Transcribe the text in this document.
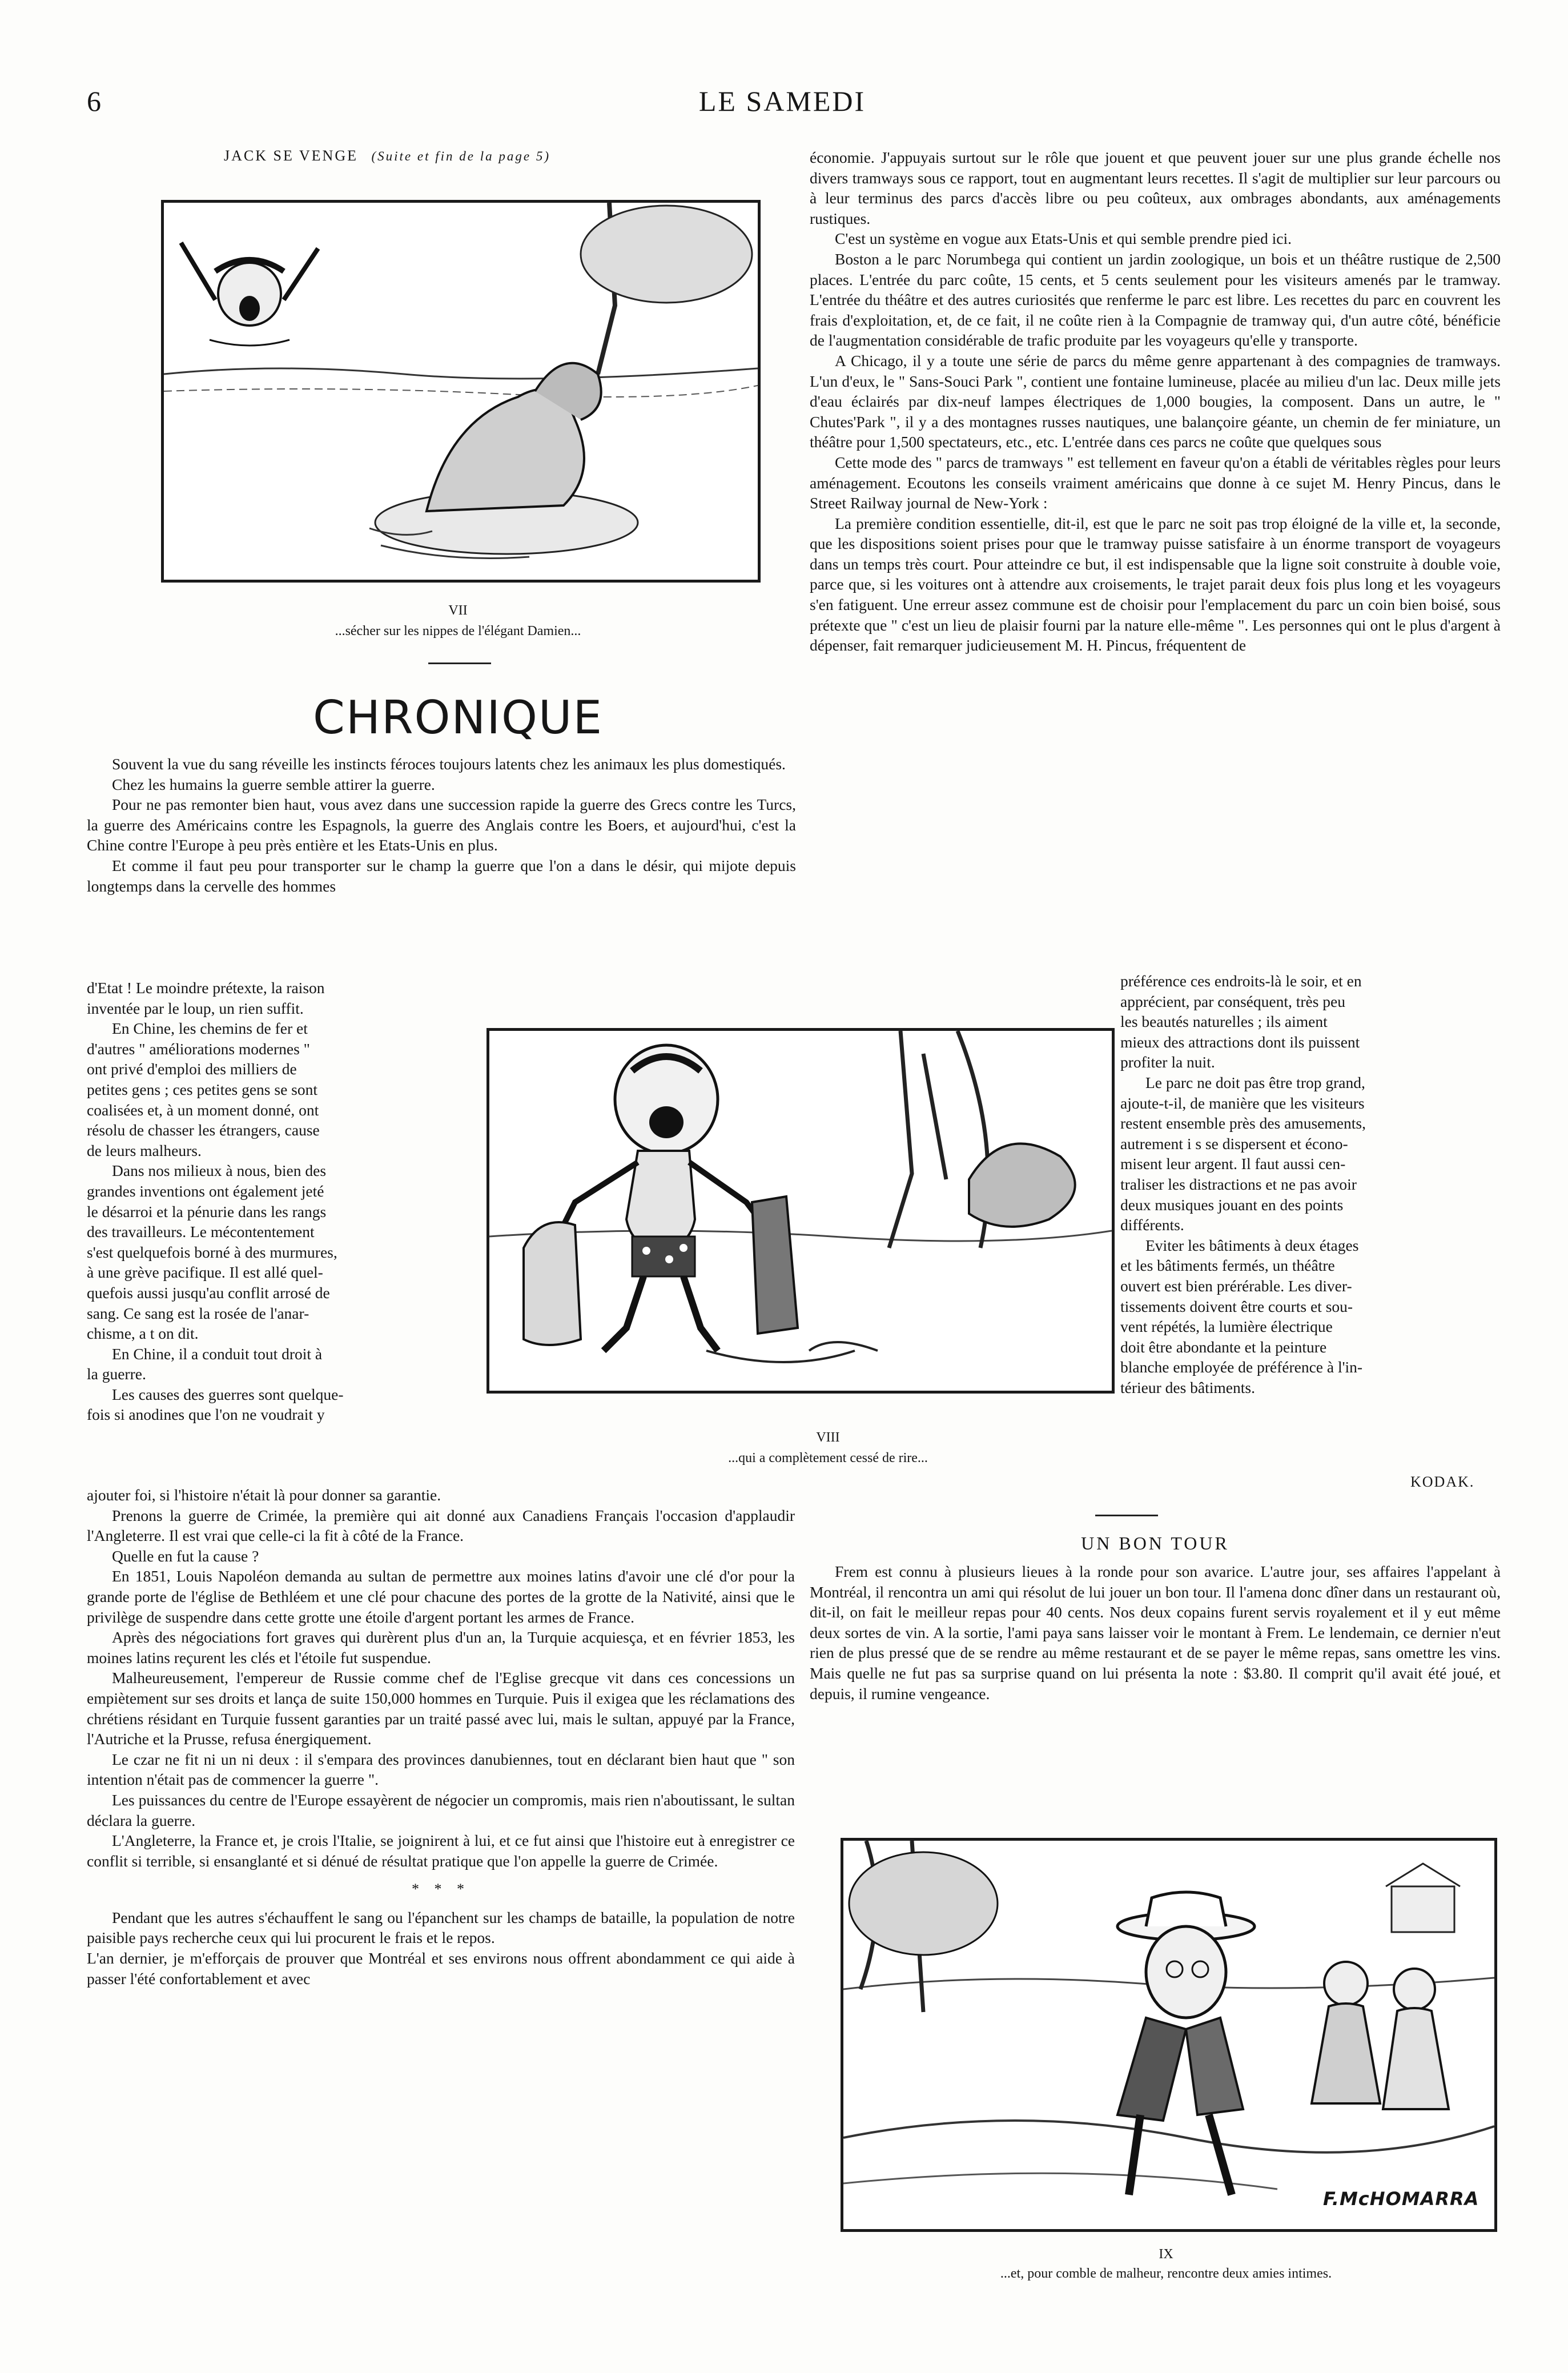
6	LE SAMEDI
JACK SE VENGE (Suite et fin de la page 5)
VII
...sécher sur les nippes de l'élégant Damien...
CHRONIQUE

Souvent la vue du sang réveille les instincts féroces toujours latents chez les animaux les plus domestiqués.

Chez les humains la guerre semble attirer la guerre.

Pour ne pas remonter bien haut, vous avez dans une succession rapide la guerre des Grecs contre les Turcs, la guerre des Américains contre les Espagnols, la guerre des Anglais contre les Boers, et aujourd'hui, c'est la Chine contre l'Europe à peu près entière et les Etats-Unis en plus.

Et comme il faut peu pour transporter sur le champ la guerre que l'on a dans le désir, qui mijote depuis longtemps dans la cervelle des hommes

d'Etat ! Le moindre prétexte, la raison
inventée par le loup, un rien suffit.
En Chine, les chemins de fer et
d'autres " améliorations modernes "
ont privé d'emploi des milliers de
petites gens ; ces petites gens se sont
coalisées et, à un moment donné, ont
résolu de chasser les étrangers, cause
de leurs malheurs.
Dans nos milieux à nous, bien des
grandes inventions ont également jeté
le désarroi et la pénurie dans les rangs
des travailleurs. Le mécontentement
s'est quelquefois borné à des murmures,
à une grève pacifique. Il est allé quel-
quefois aussi jusqu'au conflit arrosé de
sang. Ce sang est la rosée de l'anar-
chisme, a t on dit.
En Chine, il a conduit tout droit à
la guerre.
Les causes des guerres sont quelque-
fois si anodines que l'on ne voudrait y
VIII
...qui a complètement cessé de rire...

ajouter foi, si l'histoire n'était là pour donner sa garantie.

Prenons la guerre de Crimée, la première qui ait donné aux Canadiens Français l'occasion d'applaudir l'Angleterre. Il est vrai que celle-ci la fit à côté de la France.

Quelle en fut la cause ?

En 1851, Louis Napoléon demanda au sultan de permettre aux moines latins d'avoir une clé d'or pour la grande porte de l'église de Bethléem et une clé pour chacune des portes de la grotte de la Nativité, ainsi que le privilège de suspendre dans cette grotte une étoile d'argent portant les armes de France.

Après des négociations fort graves qui durèrent plus d'un an, la Turquie acquiesça, et en février 1853, les moines latins reçurent les clés et l'étoile fut suspendue.

Malheureusement, l'empereur de Russie comme chef de l'Eglise grecque vit dans ces concessions un empiètement sur ses droits et lança de suite 150,000 hommes en Turquie. Puis il exigea que les réclamations des chrétiens résidant en Turquie fussent garanties par un traité passé avec lui, mais le sultan, appuyé par la France, l'Autriche et la Prusse, refusa énergiquement.

Le czar ne fit ni un ni deux : il s'empara des provinces danubiennes, tout en déclarant bien haut que " son intention n'était pas de commencer la guerre ".

Les puissances du centre de l'Europe essayèrent de négocier un compromis, mais rien n'aboutissant, le sultan déclara la guerre.

L'Angleterre, la France et, je crois l'Italie, se joignirent à lui, et ce fut ainsi que l'histoire eut à enregistrer ce conflit si terrible, si ensanglanté et si dénué de résultat pratique que l'on appelle la guerre de Crimée.

* * *

Pendant que les autres s'échauffent le sang ou l'épanchent sur les champs de bataille, la population de notre paisible pays recherche ceux qui lui procurent le frais et le repos.

L'an dernier, je m'efforçais de prouver que Montréal et ses environs nous offrent abondamment ce qui aide à passer l'été confortablement et avec

économie. J'appuyais surtout sur le rôle que jouent et que peuvent jouer sur une plus grande échelle nos divers tramways sous ce rapport, tout en augmentant leurs recettes. Il s'agit de multiplier sur leur parcours ou à leur terminus des parcs d'accès libre ou peu coûteux, aux ombrages abondants, aux aménagements rustiques.

C'est un système en vogue aux Etats-Unis et qui semble prendre pied ici.

Boston a le parc Norumbega qui contient un jardin zoologique, un bois et un théâtre rustique de 2,500 places. L'entrée du parc coûte, 15 cents, et 5 cents seulement pour les visiteurs amenés par le tramway. L'entrée du théâtre et des autres curiosités que renferme le parc est libre. Les recettes du parc en couvrent les frais d'exploitation, et, de ce fait, il ne coûte rien à la Compagnie de tramway qui, d'un autre côté, bénéficie de l'augmentation considérable de trafic produite par les voyageurs qu'elle y transporte.

A Chicago, il y a toute une série de parcs du même genre appartenant à des compagnies de tramways. L'un d'eux, le " Sans-Souci Park ", contient une fontaine lumineuse, placée au milieu d'un lac. Deux mille jets d'eau éclairés par dix-neuf lampes électriques de 1,000 bougies, la composent. Dans un autre, le " Chutes'Park ", il y a des montagnes russes nautiques, une balançoire géante, un chemin de fer miniature, un théâtre pour 1,500 spectateurs, etc., etc. L'entrée dans ces parcs ne coûte que quelques sous

Cette mode des " parcs de tramways " est tellement en faveur qu'on a établi de véritables règles pour leurs aménagement. Ecoutons les conseils vraiment américains que donne à ce sujet M. Henry Pincus, dans le Street Railway journal de New-York :

La première condition essentielle, dit-il, est que le parc ne soit pas trop éloigné de la ville et, la seconde, que les dispositions soient prises pour que le tramway puisse satisfaire à un énorme transport de voyageurs dans un temps très court. Pour atteindre ce but, il est indispensable que la ligne soit construite à double voie, parce que, si les voitures ont à attendre aux croisements, le trajet parait deux fois plus long et les voyageurs s'en fatiguent. Une erreur assez commune est de choisir pour l'emplacement du parc un coin bien boisé, sous prétexte que " c'est un lieu de plaisir fourni par la nature elle-même ". Les personnes qui ont le plus d'argent à dépenser, fait remarquer judicieusement M. H. Pincus, fréquentent de

préférence ces endroits-là le soir, et en
apprécient, par conséquent, très peu
les beautés naturelles ; ils aiment
mieux des attractions dont ils puissent
profiter la nuit.
Le parc ne doit pas être trop grand,
ajoute-t-il, de manière que les visiteurs
restent ensemble près des amusements,
autrement i s se dispersent et écono-
misent leur argent. Il faut aussi cen-
traliser les distractions et ne pas avoir
deux musiques jouant en des points
différents.
Eviter les bâtiments à deux étages
et les bâtiments fermés, un théâtre
ouvert est bien prérérable. Les diver-
tissements doivent être courts et sou-
vent répétés, la lumière électrique
doit être abondante et la peinture
blanche employée de préférence à l'in-
térieur des bâtiments.
KODAK.
UN BON TOUR

Frem est connu à plusieurs lieues à la ronde pour son avarice. L'autre jour, ses affaires l'appelant à Montréal, il rencontra un ami qui résolut de lui jouer un bon tour. Il l'amena donc dîner dans un restaurant où, dit-il, on fait le meilleur repas pour 40 cents. Nos deux copains furent servis royalement et il y eut même deux sortes de vin. A la sortie, l'ami paya sans laisser voir le montant à Frem. Le lendemain, ce dernier n'eut rien de plus pressé que de se rendre au même restaurant et de se payer le même repas, sans omettre les vins. Mais quelle ne fut pas sa surprise quand on lui présenta la note : $3.80. Il comprit qu'il avait été joué, et depuis, il rumine vengeance.

F.McHOMARRA
IX
...et, pour comble de malheur, rencontre deux amies intimes.
